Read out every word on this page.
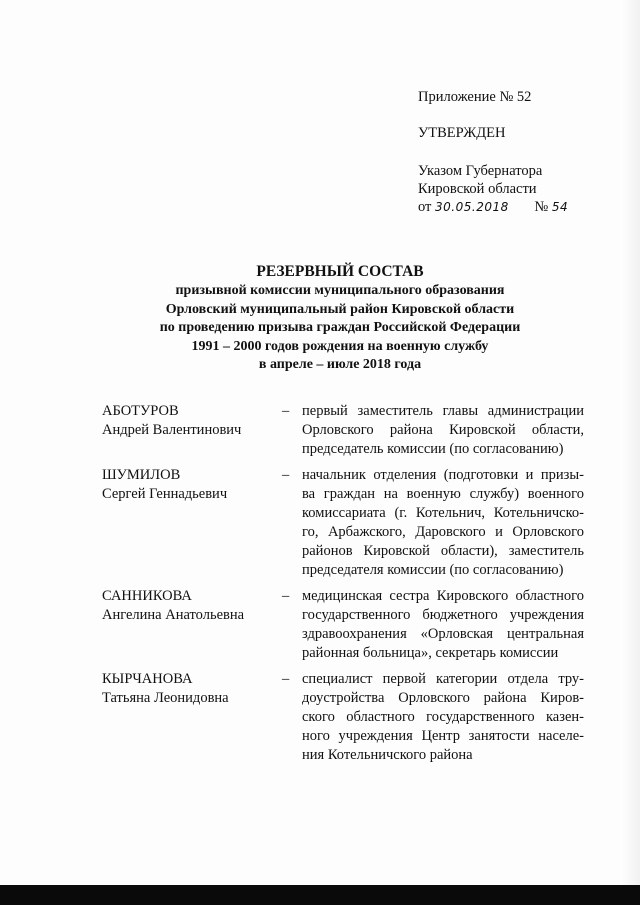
Приложение № 52
УТВЕРЖДЕН
Указом Губернатора
Кировской области
от 30.05.2018 № 54
РЕЗЕРВНЫЙ СОСТАВ
призывной комиссии муниципального образования
Орловский муниципальный район Кировской области
по проведению призыва граждан Российской Федерации
1991 – 2000 годов рождения на военную службу
в апреле – июле 2018 года
АБОТУРОВ
Андрей Валентинович
– первый заместитель главы администрации
Орловского района Кировской области,
председатель комиссии (по согласованию)
ШУМИЛОВ
Сергей Геннадьевич
– начальник отделения (подготовки и призы-
ва граждан на военную службу) военного
комиссариата (г. Котельнич, Котельничско-
го, Арбажского, Даровского и Орловского
районов Кировской области), заместитель
председателя комиссии (по согласованию)
САННИКОВА
Ангелина Анатольевна
– медицинская сестра Кировского областного
государственного бюджетного учреждения
здравоохранения «Орловская центральная
районная больница», секретарь комиссии
КЫРЧАНОВА
Татьяна Леонидовна
– специалист первой категории отдела тру-
доустройства Орловского района Киров-
ского областного государственного казен-
ного учреждения Центр занятости населе-
ния Котельничского района
